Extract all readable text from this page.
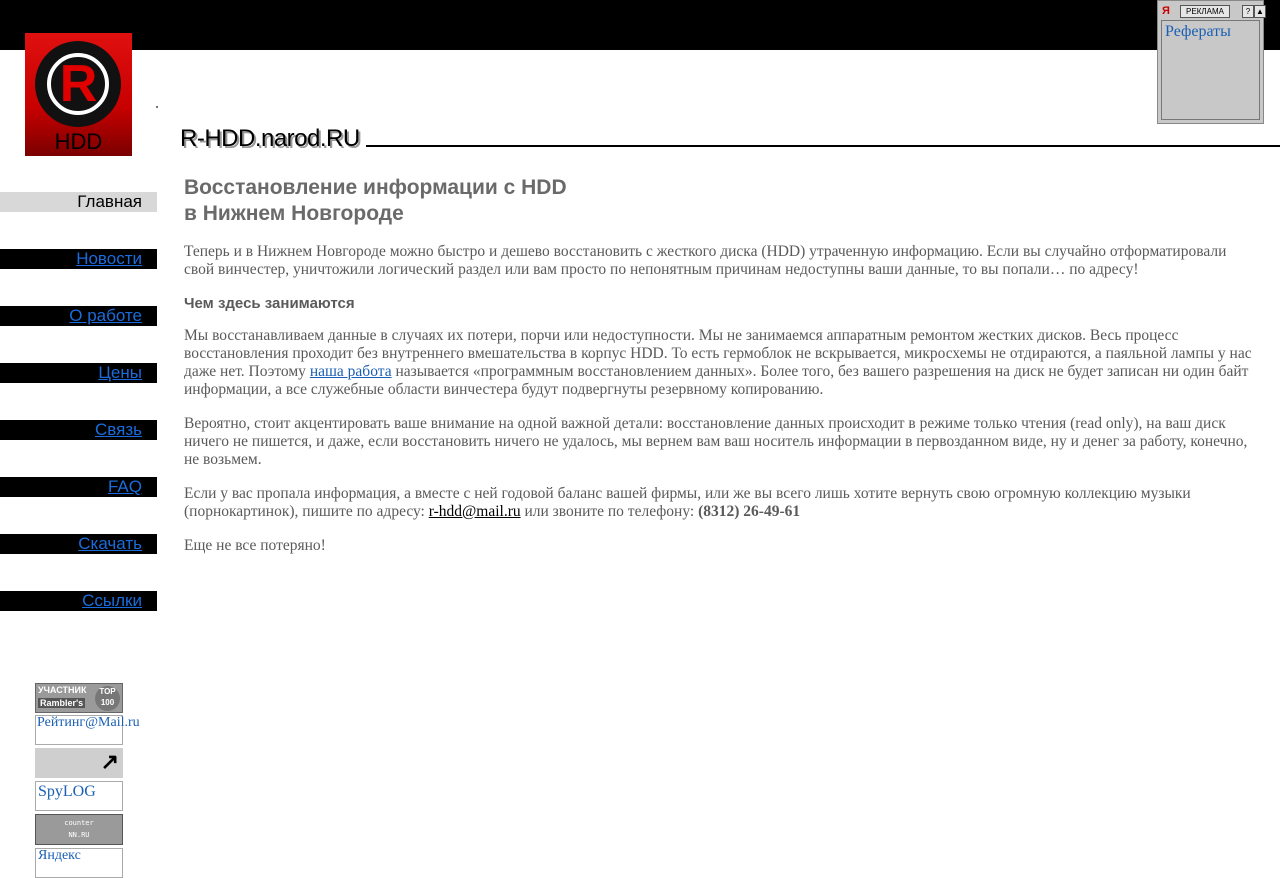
R
HDD	R-HDD.narod.RU
Я	РЕКЛАМА	? ▲
Рефераты
Главная
Новости
О работе
Цены
Связь
FAQ
Скачать
Ссылки
УЧАСТНИК
Rambler's
TOP 100
Рейтинг@Mail.ru
↗
SpyLOG
counter
NN.RU
Яндекс
Восстановление информации с HDD
в Нижнем Новгороде

Теперь и в Нижнем Новгороде можно быстро и дешево восстановить с жесткого диска (HDD) утраченную информацию. Если вы случайно отформатировали свой винчестер, уничтожили логический раздел или вам просто по непонятным причинам недоступны ваши данные, то вы попали… по адресу!

Чем здесь занимаются

Мы восстанавливаем данные в случаях их потери, порчи или недоступности. Мы не занимаемся аппаратным ремонтом жестких дисков. Весь процесс восстановления проходит без внутреннего вмешательства в корпус HDD. То есть гермоблок не вскрывается, микросхемы не отдираются, а паяльной лампы у нас даже нет. Поэтому наша работа называется «программным восстановлением данных». Более того, без вашего разрешения на диск не будет записан ни один байт информации, а все служебные области винчестера будут подвергнуты резервному копированию.

Вероятно, стоит акцентировать ваше внимание на одной важной детали: восстановление данных происходит в режиме только чтения (read only), на ваш диск ничего не пишется, и даже, если восстановить ничего не удалось, мы вернем вам ваш носитель информации в первозданном виде, ну и денег за работу, конечно, не возьмем.

Если у вас пропала информация, а вместе с ней годовой баланс вашей фирмы, или же вы всего лишь хотите вернуть свою огромную коллекцию музыки (порнокартинок), пишите по адресу: r-hdd@mail.ru или звоните по телефону: (8312) 26-49-61

Еще не все потеряно!
